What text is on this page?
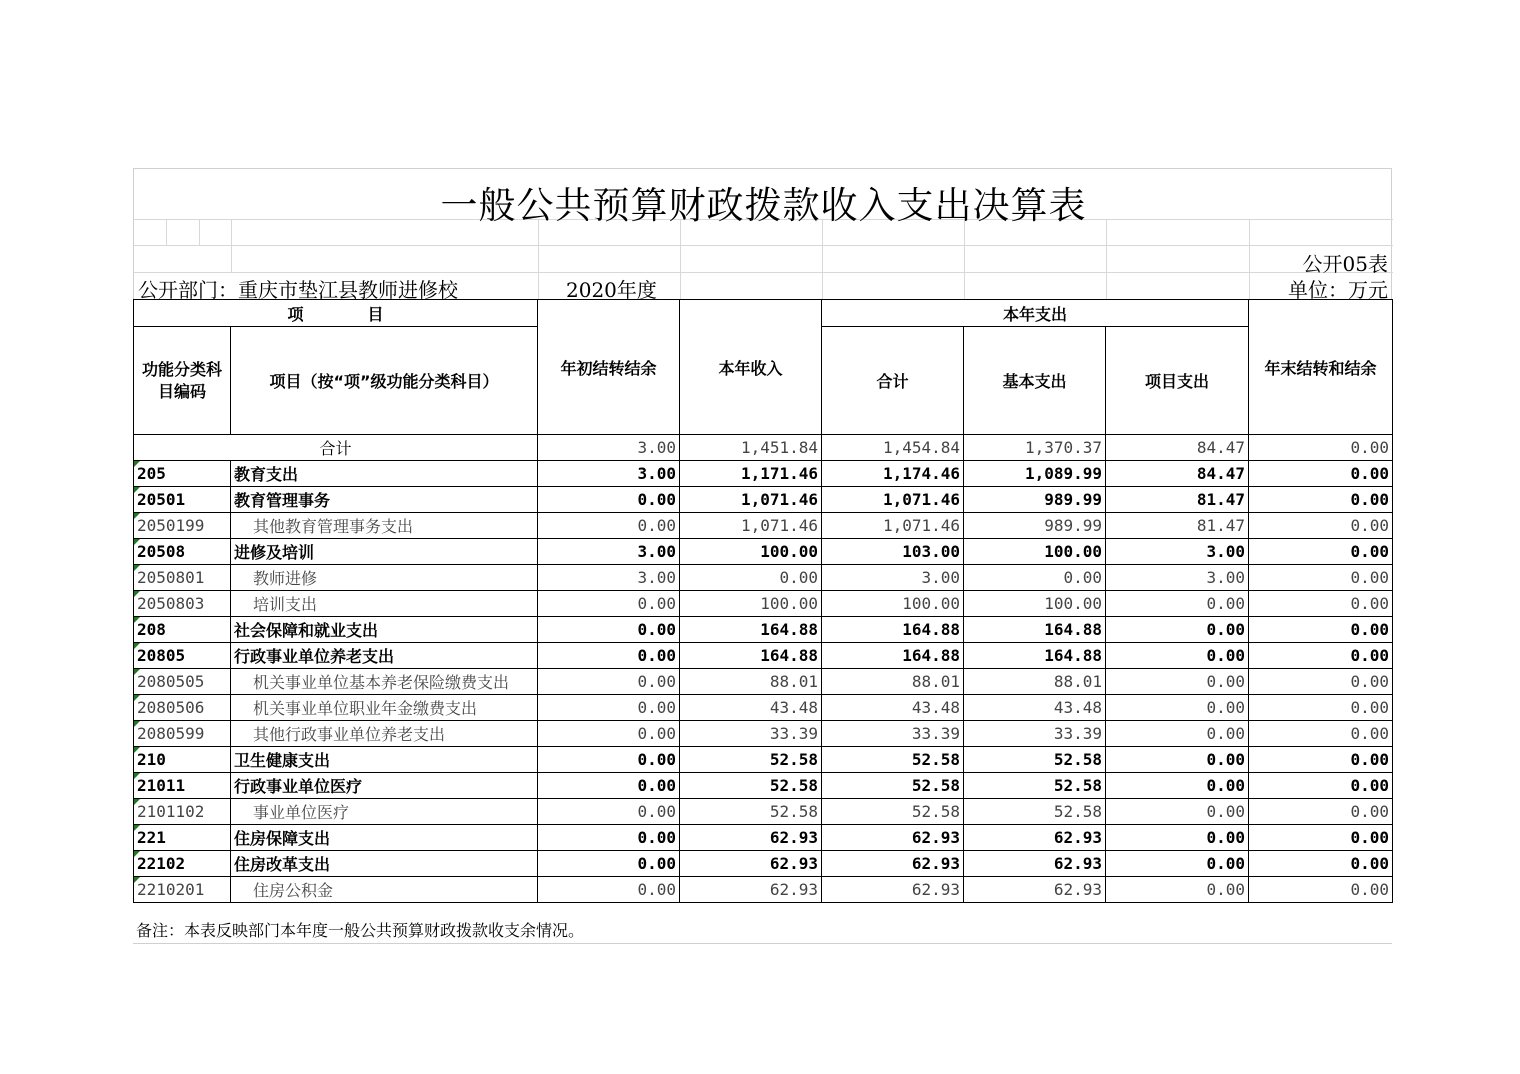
一般公共预算财政拨款收入支出决算表
公开05表
公开部门：重庆市垫江县教师进修校	2020年度	单位：万元
项　　　　目		年初结转结余	本年收入	本年支出			年末结转和结余
功能分类科目编码	项目（按“项”级功能分类科目）			合计	基本支出	项目支出	
合计		3.00	1,451.84	1,454.84	1,370.37	84.47	0.00
205	教育支出	3.00	1,171.46	1,174.46	1,089.99	84.47	0.00
20501	教育管理事务	0.00	1,071.46	1,071.46	989.99	81.47	0.00
2050199	其他教育管理事务支出	0.00	1,071.46	1,071.46	989.99	81.47	0.00
20508	进修及培训	3.00	100.00	103.00	100.00	3.00	0.00
2050801	教师进修	3.00	0.00	3.00	0.00	3.00	0.00
2050803	培训支出	0.00	100.00	100.00	100.00	0.00	0.00
208	社会保障和就业支出	0.00	164.88	164.88	164.88	0.00	0.00
20805	行政事业单位养老支出	0.00	164.88	164.88	164.88	0.00	0.00
2080505	机关事业单位基本养老保险缴费支出	0.00	88.01	88.01	88.01	0.00	0.00
2080506	机关事业单位职业年金缴费支出	0.00	43.48	43.48	43.48	0.00	0.00
2080599	其他行政事业单位养老支出	0.00	33.39	33.39	33.39	0.00	0.00
210	卫生健康支出	0.00	52.58	52.58	52.58	0.00	0.00
21011	行政事业单位医疗	0.00	52.58	52.58	52.58	0.00	0.00
2101102	事业单位医疗	0.00	52.58	52.58	52.58	0.00	0.00
221	住房保障支出	0.00	62.93	62.93	62.93	0.00	0.00
22102	住房改革支出	0.00	62.93	62.93	62.93	0.00	0.00
2210201	住房公积金	0.00	62.93	62.93	62.93	0.00	0.00
备注：本表反映部门本年度一般公共预算财政拨款收支余情况。
